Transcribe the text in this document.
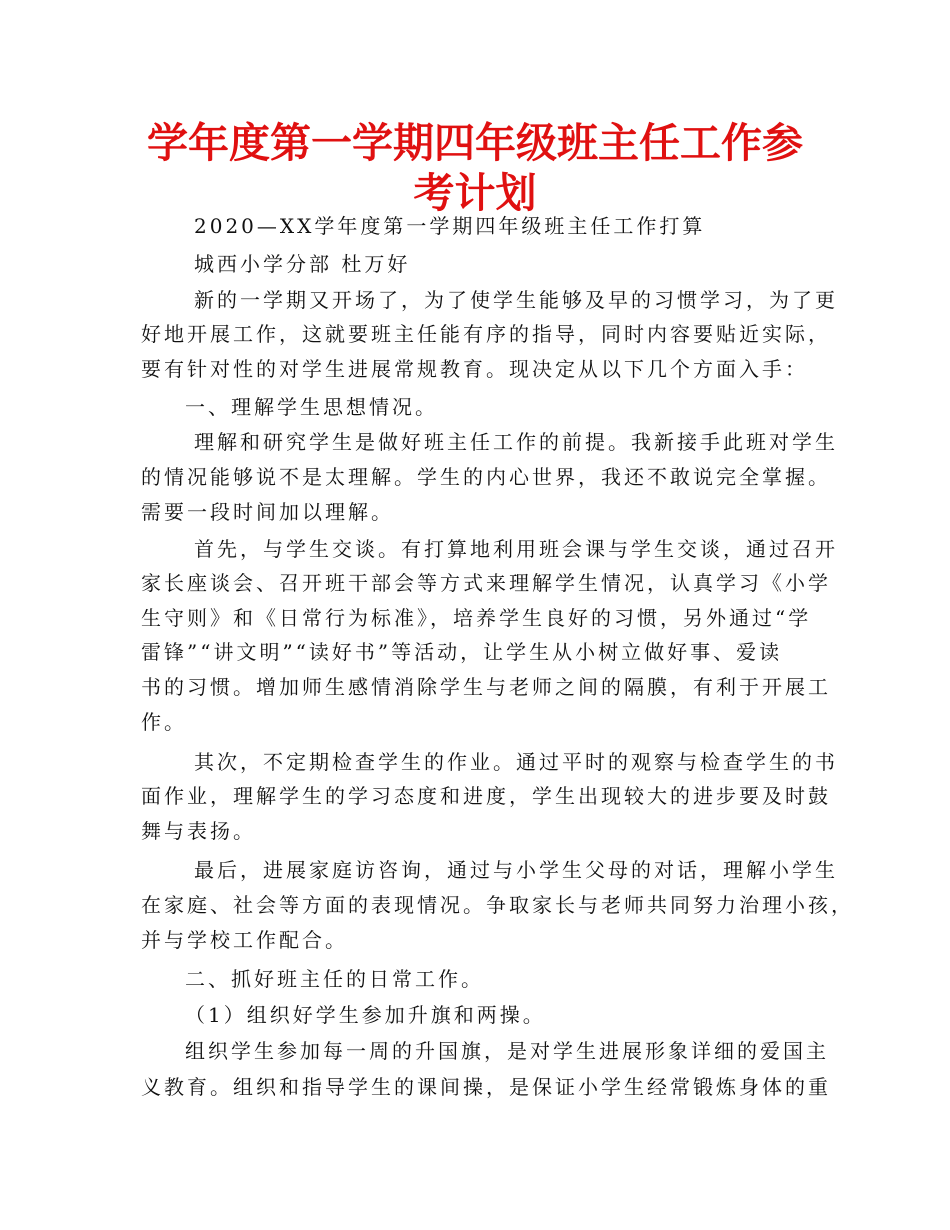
学年度第一学期四年级班主任工作参考计划
2020—XX学年度第一学期四年级班主任工作打算
城西小学分部 杜万好
新的一学期又开场了，为了使学生能够及早的习惯学习，为了更
好地开展工作，这就要班主任能有序的指导，同时内容要贴近实际，
要有针对性的对学生进展常规教育。现决定从以下几个方面入手：
一、理解学生思想情况。
理解和研究学生是做好班主任工作的前提。我新接手此班对学生
的情况能够说不是太理解。学生的内心世界，我还不敢说完全掌握。
需要一段时间加以理解。
首先，与学生交谈。有打算地利用班会课与学生交谈，通过召开
家长座谈会、召开班干部会等方式来理解学生情况，认真学习《小学
生守则》和《日常行为标准》，培养学生良好的习惯，另外通过“学
雷锋”“讲文明”“读好书”等活动，让学生从小树立做好事、爱读
书的习惯。增加师生感情消除学生与老师之间的隔膜，有利于开展工
作。
其次，不定期检查学生的作业。通过平时的观察与检查学生的书
面作业，理解学生的学习态度和进度，学生出现较大的进步要及时鼓
舞与表扬。
最后，进展家庭访咨询，通过与小学生父母的对话，理解小学生
在家庭、社会等方面的表现情况。争取家长与老师共同努力治理小孩，
并与学校工作配合。
二、抓好班主任的日常工作。
（1）组织好学生参加升旗和两操。
组织学生参加每一周的升国旗，是对学生进展形象详细的爱国主
义教育。组织和指导学生的课间操，是保证小学生经常锻炼身体的重
